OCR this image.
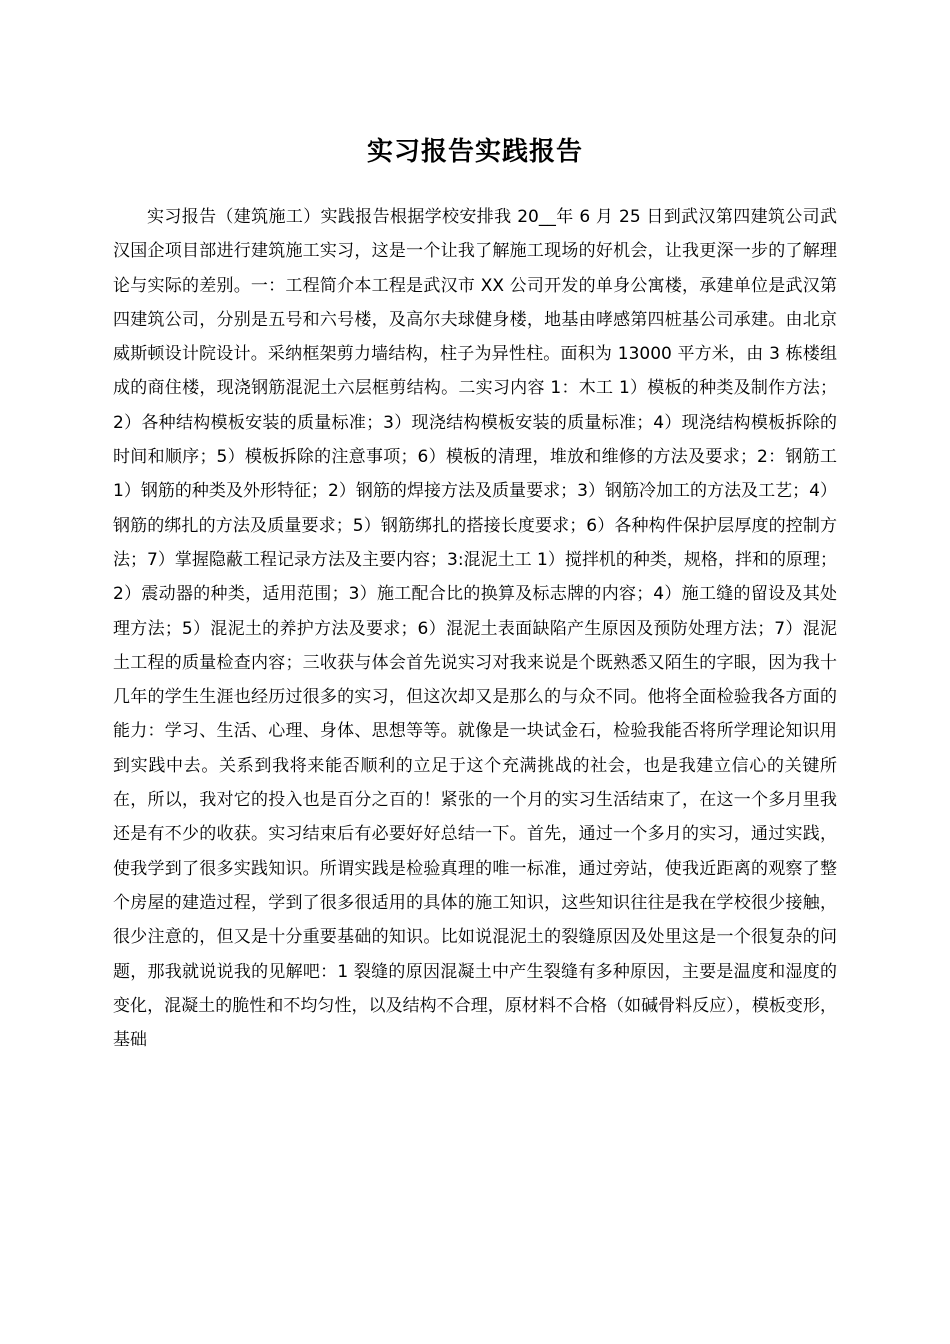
实习报告实践报告

实习报告（建筑施工）实践报告根据学校安排我 20__年 6 月 25 日到武汉第四建筑公司武汉国企项目部进行建筑施工实习，这是一个让我了解施工现场的好机会，让我更深一步的了解理论与实际的差别。一：工程简介本工程是武汉市 XX 公司开发的单身公寓楼，承建单位是武汉第四建筑公司，分别是五号和六号楼，及高尔夫球健身楼，地基由哮感第四桩基公司承建。由北京威斯顿设计院设计。采纳框架剪力墙结构，柱子为异性柱。面积为 13000 平方米，由 3 栋楼组成的商住楼，现浇钢筋混泥土六层框剪结构。二实习内容 1：木工 1）模板的种类及制作方法；2）各种结构模板安装的质量标准；3）现浇结构模板安装的质量标准；4）现浇结构模板拆除的时间和顺序；5）模板拆除的注意事项；6）模板的清理，堆放和维修的方法及要求；2：钢筋工 1）钢筋的种类及外形特征；2）钢筋的焊接方法及质量要求；3）钢筋冷加工的方法及工艺；4）钢筋的绑扎的方法及质量要求；5）钢筋绑扎的搭接长度要求；6）各种构件保护层厚度的控制方法；7）掌握隐蔽工程记录方法及主要内容；3:混泥土工 1）搅拌机的种类，规格，拌和的原理；2）震动器的种类，适用范围；3）施工配合比的换算及标志牌的内容；4）施工缝的留设及其处理方法；5）混泥土的养护方法及要求；6）混泥土表面缺陷产生原因及预防处理方法；7）混泥土工程的质量检查内容；三收获与体会首先说实习对我来说是个既熟悉又陌生的字眼，因为我十几年的学生生涯也经历过很多的实习，但这次却又是那么的与众不同。他将全面检验我各方面的能力：学习、生活、心理、身体、思想等等。就像是一块试金石，检验我能否将所学理论知识用到实践中去。关系到我将来能否顺利的立足于这个充满挑战的社会，也是我建立信心的关键所在，所以，我对它的投入也是百分之百的！紧张的一个月的实习生活结束了，在这一个多月里我还是有不少的收获。实习结束后有必要好好总结一下。首先，通过一个多月的实习，通过实践，使我学到了很多实践知识。所谓实践是检验真理的唯一标准，通过旁站，使我近距离的观察了整个房屋的建造过程，学到了很多很适用的具体的施工知识，这些知识往往是我在学校很少接触，很少注意的，但又是十分重要基础的知识。比如说混泥土的裂缝原因及处里这是一个很复杂的问题，那我就说说我的见解吧：1 裂缝的原因混凝土中产生裂缝有多种原因，主要是温度和湿度的变化，混凝土的脆性和不均匀性，以及结构不合理，原材料不合格（如碱骨料反应），模板变形，基础
